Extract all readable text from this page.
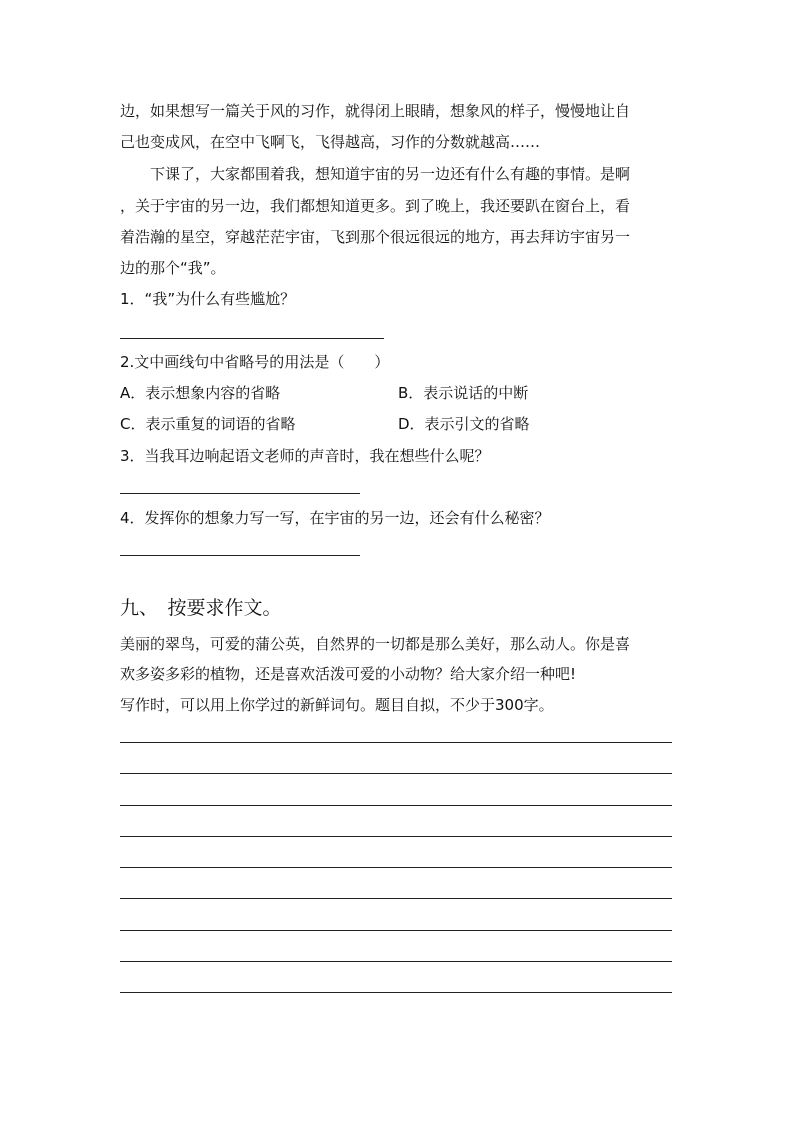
边，如果想写一篇关于风的习作，就得闭上眼睛，想象风的样子，慢慢地让自

己也变成风，在空中飞啊飞，飞得越高，习作的分数就越高……

下课了，大家都围着我，想知道宇宙的另一边还有什么有趣的事情。是啊

，关于宇宙的另一边，我们都想知道更多。到了晚上，我还要趴在窗台上，看

着浩瀚的星空，穿越茫茫宇宙，飞到那个很远很远的地方，再去拜访宇宙另一

边的那个“我”。

1．“我”为什么有些尴尬？

2.文中画线句中省略号的用法是（　　）

A．表示想象内容的省略	B．表示说话的中断
C．表示重复的词语的省略	D．表示引文的省略

3．当我耳边响起语文老师的声音时，我在想些什么呢？

4．发挥你的想象力写一写，在宇宙的另一边，还会有什么秘密？

九、　按要求作文。

美丽的翠鸟，可爱的蒲公英，自然界的一切都是那么美好，那么动人。你是喜

欢多姿多彩的植物，还是喜欢活泼可爱的小动物？给大家介绍一种吧!

写作时，可以用上你学过的新鲜词句。题目自拟，不少于300字。
